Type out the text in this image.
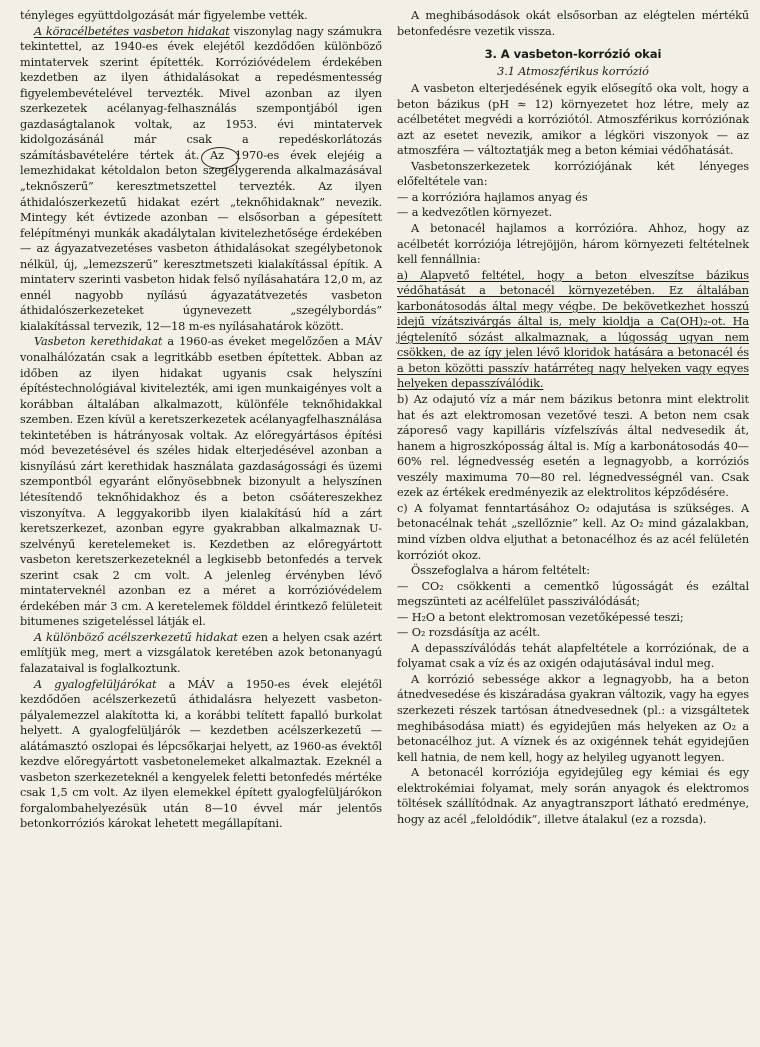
tényleges együttdolgozását már figyelembe vették.

A köracélbetétes vasbeton hidakat viszonylag nagy számukra tekintettel, az 1940-es évek elejétől kezdődően különböző mintatervek szerint építették. Korrózióvédelem érdekében kezdetben az ilyen áthidalásokat a repedésmentesség figyelembevételével tervezték. Mivel azonban az ilyen szerkezetek acélanyag-felhasználás szempontjából igen gazdaságtalanok voltak, az 1953. évi mintatervek kidolgozásánál már csak a repedéskorlátozás számításbavételére tértek át. Az 1970-es évek elejéig a lemezhidakat kétoldalon beton szegélygerenda alkalmazásával „teknőszerű” keresztmetszettel tervezték. Az ilyen áthidalószerkezetű hidakat ezért „teknőhidaknak” nevezik. Mintegy két évtizede azonban — elsősorban a gépesített felépítményi munkák akadálytalan kivitelezhetősége érdekében — az ágyazatvezetéses vasbeton áthidalásokat szegélybetonok nélkül, új, „lemezszerű” keresztmetszeti kialakítással építik. A mintaterv szerinti vasbeton hidak felső nyílásahatára 12,0 m, az ennél nagyobb nyílású ágyazatátvezetés vasbeton áthidalószerkezeteket úgynevezett „szegélybordás” kialakítással tervezik, 12—18 m-es nyílásahatárok között.

Vasbeton kerethidakat a 1960-as éveket megelőzően a MÁV vonalhálózatán csak a legritkább esetben építettek. Abban az időben az ilyen hidakat ugyanis csak helyszíni építéstechnológiával kivitelezték, ami igen munkaigényes volt a korábban általában alkalmazott, különféle teknőhidakkal szemben. Ezen kívül a keretszerkezetek acélanyagfelhasználása tekintetében is hátrányosak voltak. Az előregyártásos építési mód bevezetésével és széles hidak elterjedésével azonban a kisnyílású zárt kerethidak használata gazdaságossági és üzemi szempontból egyaránt előnyösebbnek bizonyult a helyszínen létesítendő teknőhidakhoz és a beton csőátereszekhez viszonyítva. A leggyakoribb ilyen kialakítású híd a zárt keretszerkezet, azonban egyre gyakrabban alkalmaznak U-szelvényű keretelemeket is. Kezdetben az előregyártott vasbeton keretszerkezeteknél a legkisebb betonfedés a tervek szerint csak 2 cm volt. A jelenleg érvényben lévő mintaterveknél azonban ez a méret a korrózióvédelem érdekében már 3 cm. A keretelemek földdel érintkező felületeit bitumenes szigeteléssel látják el.

A különböző acélszerkezetű hidakat ezen a helyen csak azért említjük meg, mert a vizsgálatok keretében azok betonanyagú falazataival is foglalkoztunk.

A gyalogfelüljárókat a MÁV a 1950-es évek elejétől kezdődően acélszerkezetű áthidalásra helyezett vasbeton-pályalemezzel alakította ki, a korábbi telített fapalló burkolat helyett. A gyalogfelüljárók — kezdetben acélszerkezetű — alátámasztó oszlopai és lépcsőkarjai helyett, az 1960-as évektől kezdve előregyártott vasbetonelemeket alkalmaztak. Ezeknél a vasbeton szerkezeteknél a kengyelek feletti betonfedés mértéke csak 1,5 cm volt. Az ilyen elemekkel épített gyalogfelüljárókon forgalombahelyezésük után 8—10 évvel már jelentős betonkorróziós károkat lehetett megállapítani.

A meghibásodások okát elsősorban az elégtelen mértékű betonfedésre vezetik vissza.

3. A vasbeton-korrózió okai
3.1 Atmoszférikus korrózió

A vasbeton elterjedésének egyik elősegítő oka volt, hogy a beton bázikus (pH ≈ 12) környezetet hoz létre, mely az acélbetétet megvédi a korróziótól. Atmoszférikus korróziónak azt az esetet nevezik, amikor a légköri viszonyok — az atmoszféra — változtatják meg a beton kémiai védőhatását.

Vasbetonszerkezetek korróziójának két lényeges előfeltétele van:

— a korrózióra hajlamos anyag és

— a kedvezőtlen környezet.

A betonacél hajlamos a korrózióra. Ahhoz, hogy az acélbetét korróziója létrejöjjön, három környezeti feltételnek kell fennállnia:

a) Alapvető feltétel, hogy a beton elveszítse bázikus védőhatását a betonacél környezetében. Ez általában karbonátosodás által megy végbe. De bekövetkezhet hosszú idejű vízátszivárgás által is, mely kioldja a Ca(OH)₂-ot. Ha jégtelenítő sózást alkalmaznak, a lúgosság ugyan nem csökken, de az így jelen lévő kloridok hatására a betonacél és a beton közötti passzív határréteg nagy helyeken vagy egyes helyeken depasszíválódik.

b) Az odajutó víz a már nem bázikus betonra mint elektrolit hat és azt elektromosan vezetővé teszi. A beton nem csak záporeső vagy kapilláris vízfelszívás által nedvesedik át, hanem a higroszkóposság által is. Míg a karbonátosodás 40—60% rel. légnedvesség esetén a legnagyobb, a korróziós veszély maximuma 70—80 rel. légnedvességnél van. Csak ezek az értékek eredményezik az elektrolitos képződésére.

c) A folyamat fenntartásához O₂ odajutása is szükséges. A betonacélnak tehát „szellőznie” kell. Az O₂ mind gázalakban, mind vízben oldva eljuthat a betonacélhoz és az acél felületén korróziót okoz.

Összefoglalva a három feltételt:

— CO₂ csökkenti a cementkő lúgosságát és ezáltal megszünteti az acélfelület passziválódását;

— H₂O a betont elektromosan vezetőképessé teszi;

— O₂ rozsdásítja az acélt.

A depasszíválódás tehát alapfeltétele a korróziónak, de a folyamat csak a víz és az oxigén odajutásával indul meg.

A korrózió sebessége akkor a legnagyobb, ha a beton átnedvesedése és kiszáradása gyakran változik, vagy ha egyes szerkezeti részek tartósan átnedvesednek (pl.: a vizsgáltetek meghibásodása miatt) és egyidejűen más helyeken az O₂ a betonacélhoz jut. A víznek és az oxigénnek tehát egyidejűen kell hatnia, de nem kell, hogy az helyileg ugyanott legyen.

A betonacél korróziója egyidejűleg egy kémiai és egy elektrokémiai folyamat, mely során anyagok és elektromos töltések szállítódnak. Az anyagtranszport látható eredménye, hogy az acél „feloldódik”, illetve átalakul (ez a rozsda).
